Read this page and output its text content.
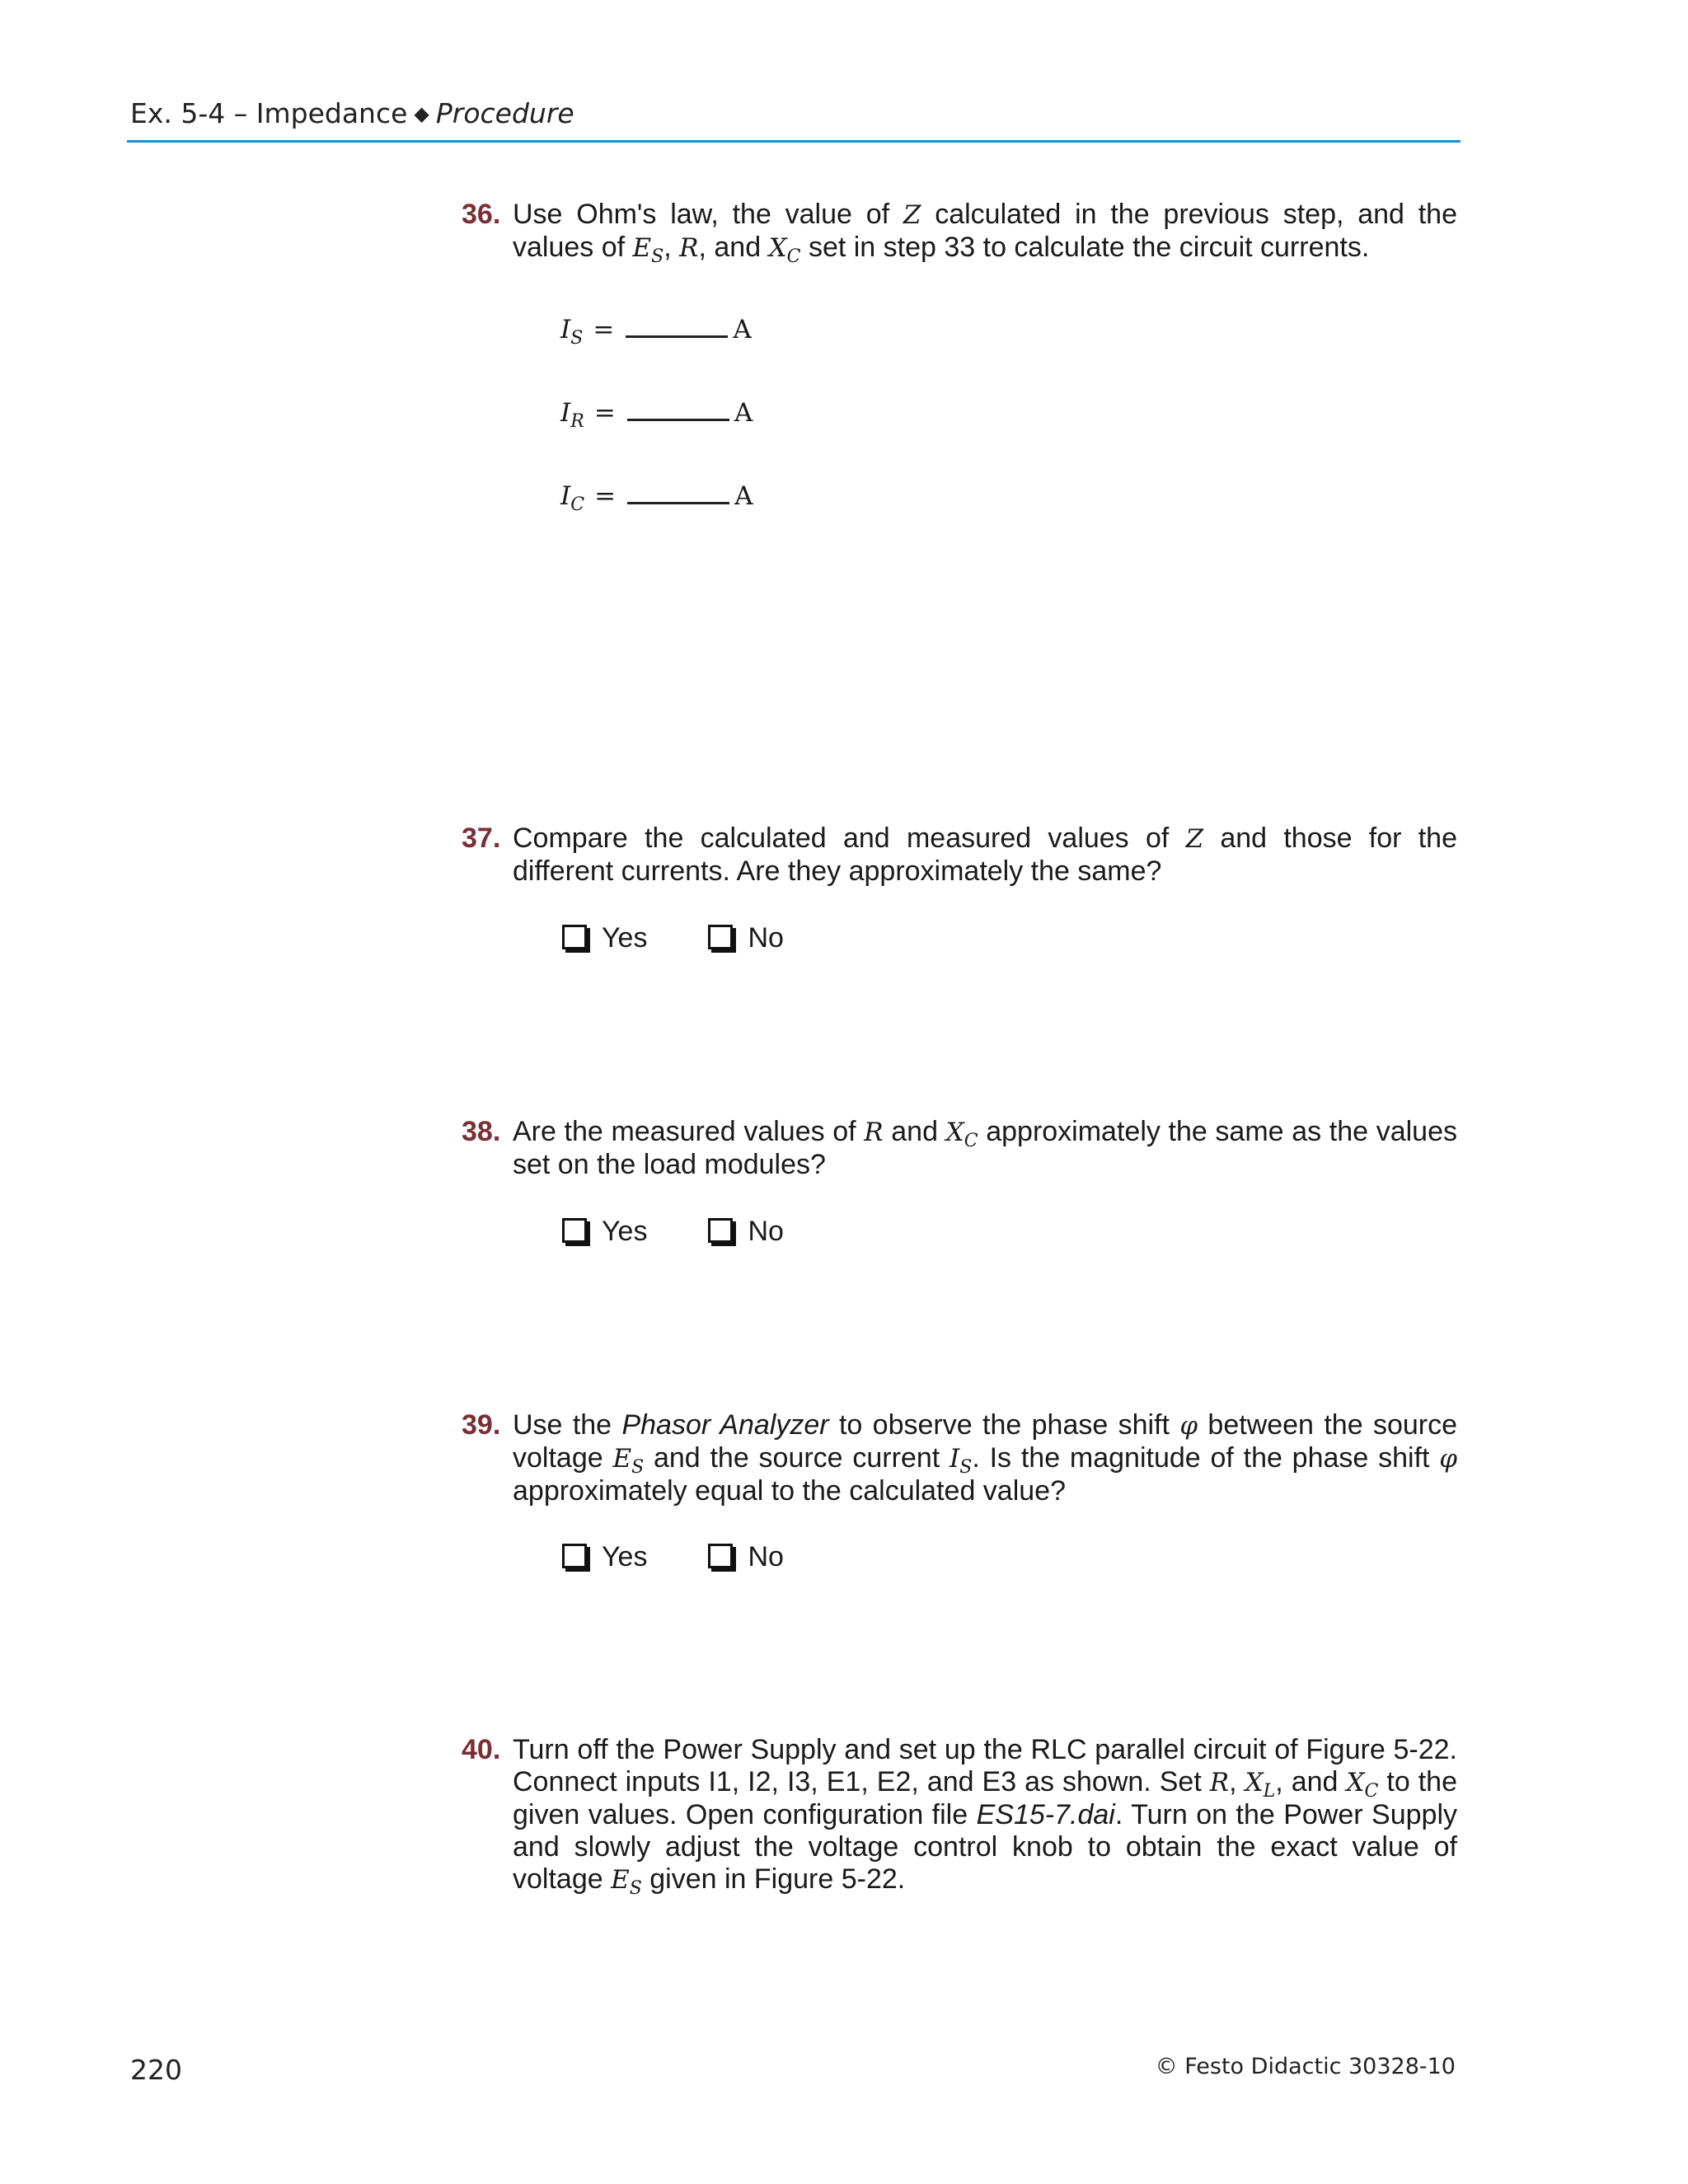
Ex. 5-4 – Impedance ◆ Procedure
36. Use Ohm's law, the value of Z calculated in the previous step, and the values of $E_S$, R, and $X_C$ set in step 33 to calculate the circuit currents.
$I_S$ =	A
$I_R$ =	A
$I_C$ =	A
37. Compare the calculated and measured values of Z and those for the different currents. Are they approximately the same?
Yes	No
38. Are the measured values of R and $X_C$ approximately the same as the values set on the load modules?
Yes	No
39. Use the Phasor Analyzer to observe the phase shift φ between the source voltage $E_S$ and the source current $I_S$. Is the magnitude of the phase shift φ approximately equal to the calculated value?
Yes	No
40. Turn off the Power Supply and set up the RLC parallel circuit of Figure 5-22. Connect inputs I1, I2, I3, E1, E2, and E3 as shown. Set R, $X_L$, and $X_C$ to the given values. Open configuration file ES15-7.dai. Turn on the Power Supply and slowly adjust the voltage control knob to obtain the exact value of voltage $E_S$ given in Figure 5-22.
220	© Festo Didactic 30328-10
